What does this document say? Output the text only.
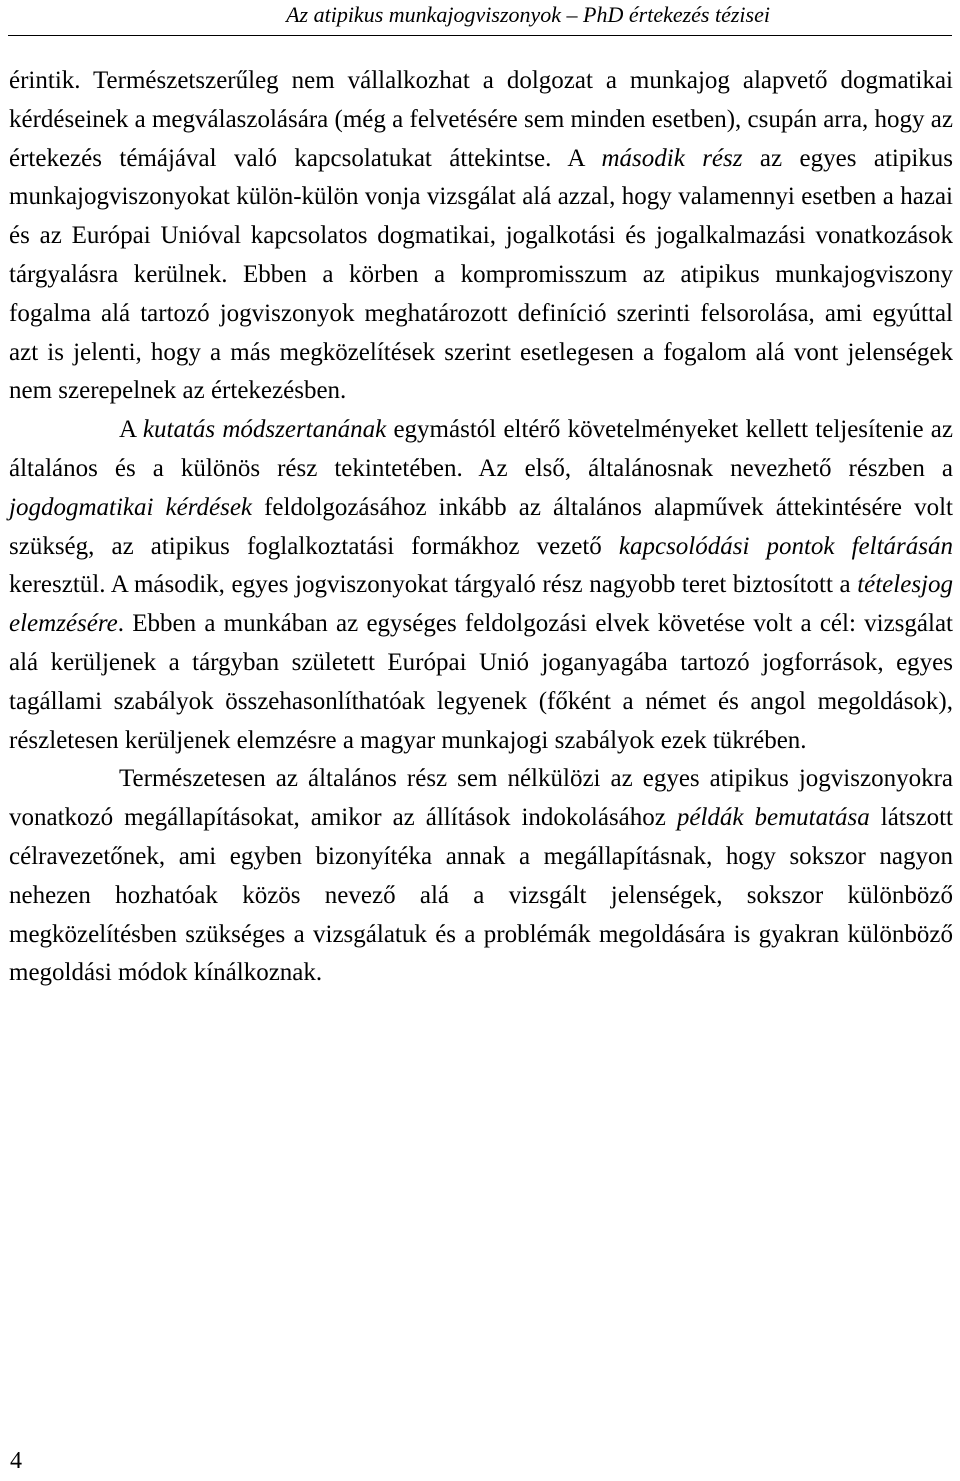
Az atipikus munkajogviszonyok – PhD értekezés tézisei

érintik. Természetszerűleg nem vállalkozhat a dolgozat a munkajog alapvető dogmatikai kérdéseinek a megválaszolására (még a felvetésére sem minden esetben), csupán arra, hogy az értekezés témájával való kapcsolatukat áttekintse. A második rész az egyes atipikus munkajogviszonyokat külön-külön vonja vizsgálat alá azzal, hogy valamennyi esetben a hazai és az Európai Unióval kapcsolatos dogmatikai, jogalkotási és jogalkalmazási vonatkozások tárgyalásra kerülnek. Ebben a körben a kompromisszum az atipikus munkajogviszony fogalma alá tartozó jogviszonyok meghatározott definíció szerinti felsorolása, ami egyúttal azt is jelenti, hogy a más megközelítések szerint esetlegesen a fogalom alá vont jelenségek nem szerepelnek az értekezésben.

A kutatás módszertanának egymástól eltérő követelményeket kellett teljesítenie az általános és a különös rész tekintetében. Az első, általánosnak nevezhető részben a jogdogmatikai kérdések feldolgozásához inkább az általános alapművek áttekintésére volt szükség, az atipikus foglalkoztatási formákhoz vezető kapcsolódási pontok feltárásán keresztül. A második, egyes jogviszonyokat tárgyaló rész nagyobb teret biztosított a tételesjog elemzésére. Ebben a munkában az egységes feldolgozási elvek követése volt a cél: vizsgálat alá kerüljenek a tárgyban született Európai Unió joganyagába tartozó jogforrások, egyes tagállami szabályok összehasonlíthatóak legyenek (főként a német és angol megoldások), részletesen kerüljenek elemzésre a magyar munkajogi szabályok ezek tükrében.

Természetesen az általános rész sem nélkülözi az egyes atipikus jogviszonyokra vonatkozó megállapításokat, amikor az állítások indokolásához példák bemutatása látszott célravezetőnek, ami egyben bizonyítéka annak a megállapításnak, hogy sokszor nagyon nehezen hozhatóak közös nevező alá a vizsgált jelenségek, sokszor különböző megközelítésben szükséges a vizsgálatuk és a problémák megoldására is gyakran különböző megoldási módok kínálkoznak.

4
